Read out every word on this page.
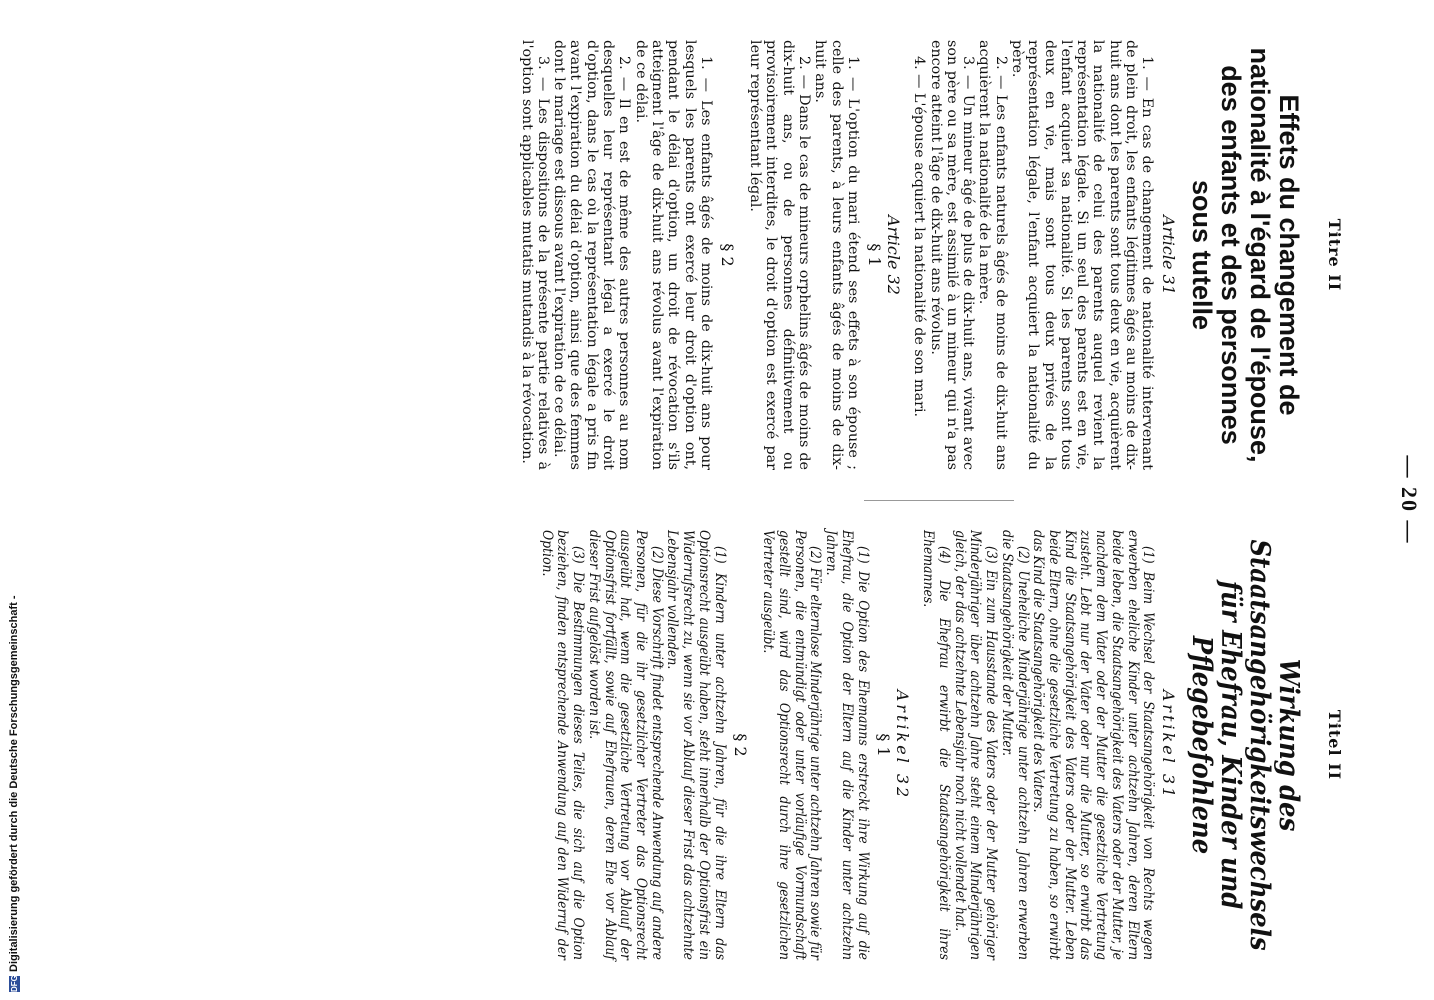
— 20 —
Titre II
Effets du changement de nationalité à l'égard de l'épouse, des enfants et des personnes sous tutelle
Article 31

1. — En cas de changement de nationalité intervenant de plein droit, les enfants légitimes âgés au moins de dix-huit ans dont les parents sont tous deux en vie, acquièrent la nationalité de celui des parents auquel revient la représentation légale. Si un seul des parents est en vie, l'enfant acquiert sa nationalité. Si les parents sont tous deux en vie, mais sont tous deux privés de la représentation légale, l'enfant acquiert la nationalité du père.

2. — Les enfants naturels âgés de moins de dix-huit ans acquièrent la nationalité de la mère.

3. — Un mineur âgé de plus de dix-huit ans, vivant avec son père ou sa mère, est assimilé à un mineur qui n'a pas encore atteint l'âge de dix-huit ans révolus.

4. — L'épouse acquiert la nationalité de son mari.

Article 32
§ 1

1. — L'option du mari étend ses effets à son épouse ; celle des parents, à leurs enfants âgés de moins de dix-huit ans.

2. — Dans le cas de mineurs orphelins âgés de moins de dix-huit ans, ou de personnes définitivement ou provisoirement interdites, le droit d'option est exercé par leur représentant légal.

§ 2

1. — Les enfants âgés de moins de dix-huit ans pour lesquels les parents ont exercé leur droit d'option ont, pendant le délai d'option, un droit de révocation s'ils atteignent l'âge de dix-huit ans révolus avant l'expiration de ce délai.

2. — Il en est de même des autres personnes au nom desquelles leur représentant légal a exercé le droit d'option, dans le cas où la représentation légale a pris fin avant l'expiration du délai d'option, ainsi que des femmes dont le mariage est dissous avant l'expiration de ce délai.

3. — Les dispositions de la présente partie relatives à l'option sont applicables mutatis mutandis à la révocation.

Titel II
Wirkung des Staatsangehörigkeitswechsels für Ehefrau, Kinder und Pflegebefohlene
Artikel 31

(1) Beim Wechsel der Staatsangehörigkeit von Rechts wegen erwerben eheliche Kinder unter achtzehn Jahren, deren Eltern beide leben, die Staatsangehörigkeit des Vaters oder der Mutter, je nachdem dem Vater oder der Mutter die gesetzliche Vertretung zusteht. Lebt nur der Vater oder nur die Mutter, so erwirbt das Kind die Staatsangehörigkeit des Vaters oder der Mutter. Leben beide Eltern, ohne die gesetzliche Vertretung zu haben, so erwirbt das Kind die Staatsangehörigkeit des Vaters.

(2) Uneheliche Minderjährige unter achtzehn Jahren erwerben die Staatsangehörigkeit der Mutter.

(3) Ein zum Hausstande des Vaters oder der Mutter gehöriger Minderjähriger über achtzehn Jahre steht einem Minderjährigen gleich, der das achtzehnte Lebensjahr noch nicht vollendet hat.

(4) Die Ehefrau erwirbt die Staatsangehörigkeit ihres Ehemannes.

Artikel 32
§ 1

(1) Die Option des Ehemanns erstreckt ihre Wirkung auf die Ehefrau, die Option der Eltern auf die Kinder unter achtzehn Jahren.

(2) Für elternlose Minderjährige unter achtzehn Jahren sowie für Personen, die entmündigt oder unter vorläufige Vormundschaft gestellt sind, wird das Optionsrecht durch ihre gesetzlichen Vertreter ausgeübt.

§ 2

(1) Kindern unter achtzehn Jahren, für die ihre Eltern das Optionsrecht ausgeübt haben, steht innerhalb der Optionsfrist ein Widerrufsrecht zu, wenn sie vor Ablauf dieser Frist das achtzehnte Lebensjahr vollenden.

(2) Diese Vorschrift findet entsprechende Anwendung auf andere Personen, für die ihr gesetzlicher Vertreter das Optionsrecht ausgeübt hat, wenn die gesetzliche Vertretung vor Ablauf der Optionsfrist fortfällt, sowie auf Ehefrauen, deren Ehe vor Ablauf dieser Frist aufgelöst worden ist.

(3) Die Bestimmungen dieses Teiles, die sich auf die Option beziehen, finden entsprechende Anwendung auf den Widerruf der Option.

DFGDigitalisierung gefördert durch die Deutsche Forschungsgemeinschaft -
